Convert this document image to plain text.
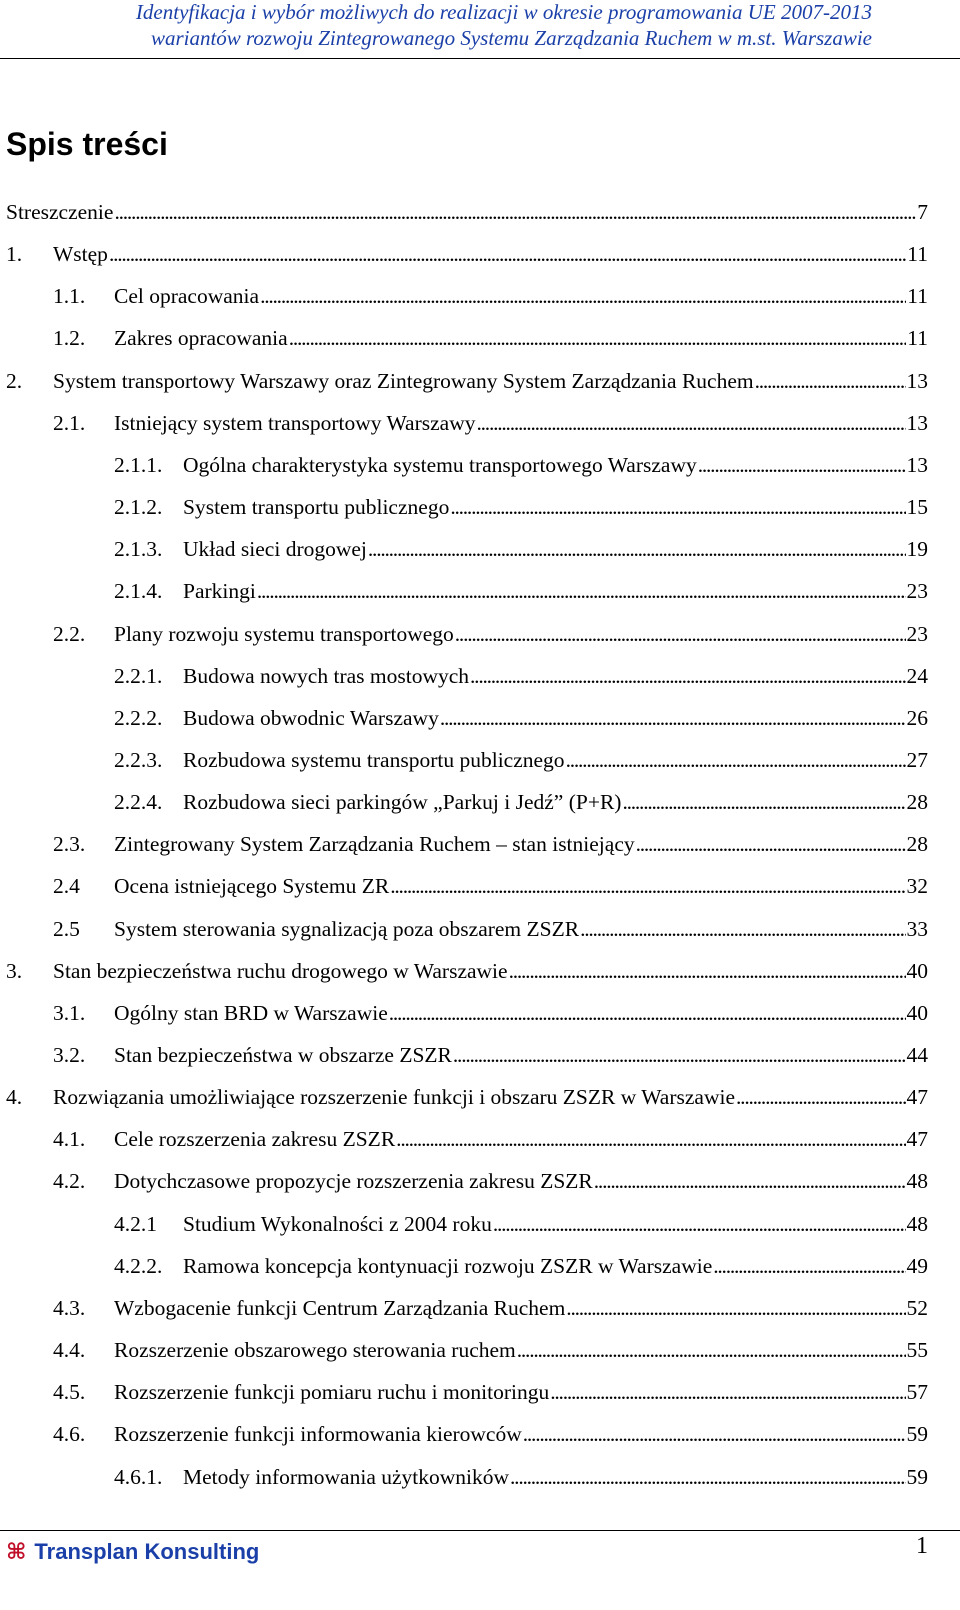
Identyfikacja i wybór możliwych do realizacji w okresie programowania UE 2007-2013
wariantów rozwoju Zintegrowanego Systemu Zarządzania Ruchem w m.st. Warszawie
Spis treści
Streszczenie . . .	7
1. Wstęp . . .	11
1.1. Cel opracowania . . .	11
1.2. Zakres opracowania . . .	11
2. System transportowy Warszawy oraz Zintegrowany System Zarządzania Ruchem . . .	13
2.1. Istniejący system transportowy Warszawy . . .	13
2.1.1. Ogólna charakterystyka systemu transportowego Warszawy . . .	13
2.1.2. System transportu publicznego . . .	15
2.1.3. Układ sieci drogowej . . .	19
2.1.4. Parkingi . . .	23
2.2. Plany rozwoju systemu transportowego . . .	23
2.2.1. Budowa nowych tras mostowych . . .	24
2.2.2. Budowa obwodnic Warszawy . . .	26
2.2.3. Rozbudowa systemu transportu publicznego . . .	27
2.2.4. Rozbudowa sieci parkingów „Parkuj i Jedź” (P+R) . . .	28
2.3. Zintegrowany System Zarządzania Ruchem – stan istniejący . . .	28
2.4 Ocena istniejącego Systemu ZR . . .	32
2.5 System sterowania sygnalizacją poza obszarem ZSZR . . .	33
3. Stan bezpieczeństwa ruchu drogowego w Warszawie . . .	40
3.1. Ogólny stan BRD w Warszawie . . .	40
3.2. Stan bezpieczeństwa w obszarze ZSZR . . .	44
4. Rozwiązania umożliwiające rozszerzenie funkcji i obszaru ZSZR w Warszawie . . .	47
4.1. Cele rozszerzenia zakresu ZSZR . . .	47
4.2. Dotychczasowe propozycje rozszerzenia zakresu ZSZR . . .	48
4.2.1 Studium Wykonalności z 2004 roku . . .	48
4.2.2. Ramowa koncepcja kontynuacji rozwoju ZSZR w Warszawie . . .	49
4.3. Wzbogacenie funkcji Centrum Zarządzania Ruchem . . .	52
4.4. Rozszerzenie obszarowego sterowania ruchem . . .	55
4.5. Rozszerzenie funkcji pomiaru ruchu i monitoringu . . .	57
4.6. Rozszerzenie funkcji informowania kierowców . . .	59
4.6.1. Metody informowania użytkowników . . .	59
⌘ Transplan Konsulting	1
